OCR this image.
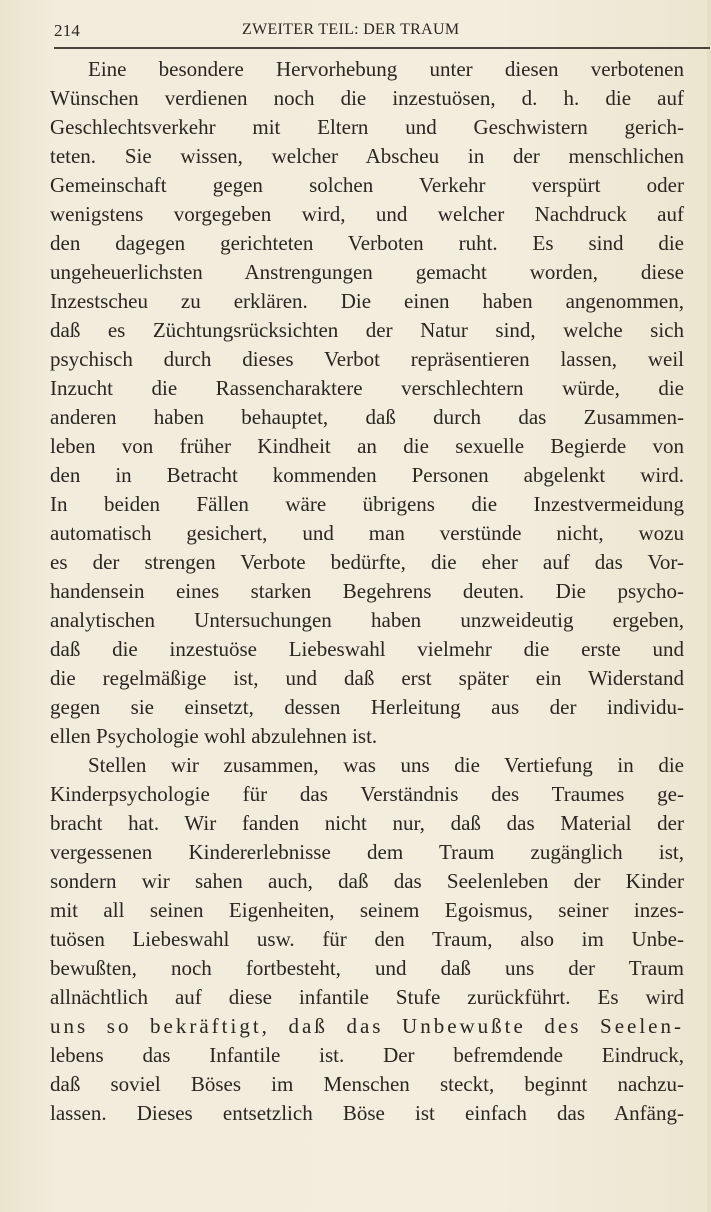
214	ZWEITER TEIL: DER TRAUM
Eine besondere Hervorhebung unter diesen verbotenen
Wünschen verdienen noch die inzestuösen, d. h. die auf
Geschlechtsverkehr mit Eltern und Geschwistern gerich-
teten. Sie wissen, welcher Abscheu in der menschlichen
Gemeinschaft gegen solchen Verkehr verspürt oder
wenigstens vorgegeben wird, und welcher Nachdruck auf
den dagegen gerichteten Verboten ruht. Es sind die
ungeheuerlichsten Anstrengungen gemacht worden, diese
Inzestscheu zu erklären. Die einen haben angenommen,
daß es Züchtungsrücksichten der Natur sind, welche sich
psychisch durch dieses Verbot repräsentieren lassen, weil
Inzucht die Rassencharaktere verschlechtern würde, die
anderen haben behauptet, daß durch das Zusammen-
leben von früher Kindheit an die sexuelle Begierde von
den in Betracht kommenden Personen abgelenkt wird.
In beiden Fällen wäre übrigens die Inzestvermeidung
automatisch gesichert, und man verstünde nicht, wozu
es der strengen Verbote bedürfte, die eher auf das Vor-
handensein eines starken Begehrens deuten. Die psycho-
analytischen Untersuchungen haben unzweideutig ergeben,
daß die inzestuöse Liebeswahl vielmehr die erste und
die regelmäßige ist, und daß erst später ein Widerstand
gegen sie einsetzt, dessen Herleitung aus der individu-
ellen Psychologie wohl abzulehnen ist.
Stellen wir zusammen, was uns die Vertiefung in die
Kinderpsychologie für das Verständnis des Traumes ge-
bracht hat. Wir fanden nicht nur, daß das Material der
vergessenen Kindererlebnisse dem Traum zugänglich ist,
sondern wir sahen auch, daß das Seelenleben der Kinder
mit all seinen Eigenheiten, seinem Egoismus, seiner inzes-
tuösen Liebeswahl usw. für den Traum, also im Unbe-
bewußten, noch fortbesteht, und daß uns der Traum
allnächtlich auf diese infantile Stufe zurückführt. Es wird
uns so bekräftigt, daß das Unbewußte des Seelen-
lebens das Infantile ist. Der befremdende Eindruck,
daß soviel Böses im Menschen steckt, beginnt nachzu-
lassen. Dieses entsetzlich Böse ist einfach das Anfäng-
